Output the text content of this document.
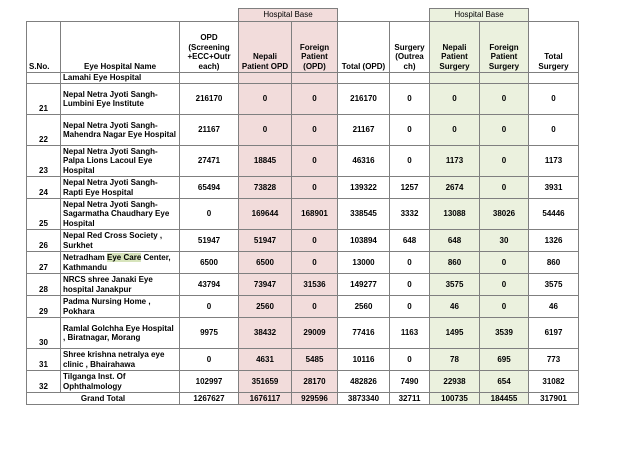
			Hospital Base				Hospital Base		
S.No.	Eye Hospital Name	OPD (Screening +ECC+Outr each)	Nepali Patient OPD	Foreign Patient (OPD)	Total (OPD)	Surgery (Outrea ch)	Nepali Patient Surgery	Foreign Patient Surgery	Total Surgery
	Lamahi Eye Hospital								
21	Nepal Netra Jyoti Sangh-Lumbini Eye Institute	216170	0	0	216170	0	0	0	0
22	Nepal Netra Jyoti Sangh-Mahendra Nagar Eye Hospital	21167	0	0	21167	0	0	0	0
23	Nepal Netra Jyoti Sangh-Palpa Lions Lacoul Eye Hospital	27471	18845	0	46316	0	1173	0	1173
24	Nepal Netra Jyoti Sangh-Rapti Eye Hospital	65494	73828	0	139322	1257	2674	0	3931
25	Nepal Netra Jyoti Sangh-Sagarmatha Chaudhary Eye Hospital	0	169644	168901	338545	3332	13088	38026	54446
26	Nepal Red Cross Society , Surkhet	51947	51947	0	103894	648	648	30	1326
27	Netradham Eye Care Center, Kathmandu	6500	6500	0	13000	0	860	0	860
28	NRCS shree Janaki Eye hospital Janakpur	43794	73947	31536	149277	0	3575	0	3575
29	Padma Nursing Home , Pokhara	0	2560	0	2560	0	46	0	46
30	Ramlal Golchha Eye Hospital , Biratnagar, Morang	9975	38432	29009	77416	1163	1495	3539	6197
31	Shree krishna netralya eye clinic , Bhairahawa	0	4631	5485	10116	0	78	695	773
32	Tilganga Inst. Of Ophthalmology	102997	351659	28170	482826	7490	22938	654	31082
Grand Total		1267627	1676117	929596	3873340	32711	100735	184455	317901
